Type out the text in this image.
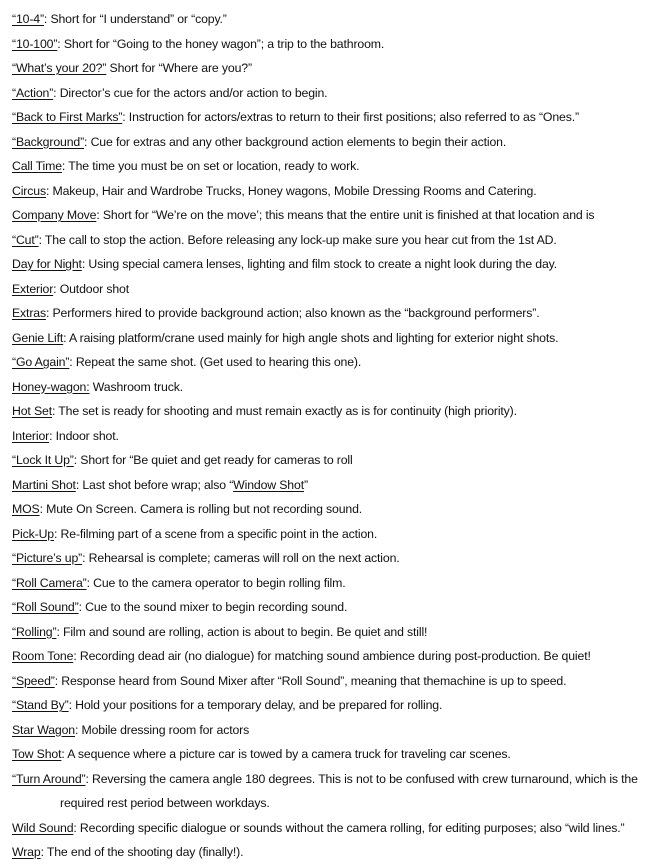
“10-4”: Short for “I understand” or “copy.”
“10-100”: Short for “Going to the honey wagon”; a trip to the bathroom.
“What’s your 20?” Short for “Where are you?”
“Action”: Director’s cue for the actors and/or action to begin.
“Back to First Marks”: Instruction for actors/extras to return to their first positions; also referred to as “Ones.”
“Background”: Cue for extras and any other background action elements to begin their action.
Call Time: The time you must be on set or location, ready to work.
Circus: Makeup, Hair and Wardrobe Trucks, Honey wagons, Mobile Dressing Rooms and Catering.
Company Move: Short for “We’re on the move’; this means that the entire unit is finished at that location and is
“Cut”: The call to stop the action. Before releasing any lock-up make sure you hear cut from the 1st AD.
Day for Night: Using special camera lenses, lighting and film stock to create a night look during the day.
Exterior: Outdoor shot
Extras: Performers hired to provide background action; also known as the “background performers”.
Genie Lift: A raising platform/crane used mainly for high angle shots and lighting for exterior night shots.
“Go Again”: Repeat the same shot. (Get used to hearing this one).
Honey-wagon: Washroom truck.
Hot Set: The set is ready for shooting and must remain exactly as is for continuity (high priority).
Interior: Indoor shot.
“Lock It Up”: Short for “Be quiet and get ready for cameras to roll
Martini Shot: Last shot before wrap; also “Window Shot”
MOS: Mute On Screen. Camera is rolling but not recording sound.
Pick-Up: Re-filming part of a scene from a specific point in the action.
“Picture’s up”: Rehearsal is complete; cameras will roll on the next action.
“Roll Camera”: Cue to the camera operator to begin rolling film.
“Roll Sound”: Cue to the sound mixer to begin recording sound.
“Rolling”: Film and sound are rolling, action is about to begin. Be quiet and still!
Room Tone: Recording dead air (no dialogue) for matching sound ambience during post-production. Be quiet!
“Speed”: Response heard from Sound Mixer after “Roll Sound”, meaning that themachine is up to speed.
“Stand By”: Hold your positions for a temporary delay, and be prepared for rolling.
Star Wagon: Mobile dressing room for actors
Tow Shot: A sequence where a picture car is towed by a camera truck for traveling car scenes.
“Turn Around”: Reversing the camera angle 180 degrees. This is not to be confused with crew turnaround, which is the
required rest period between workdays.
Wild Sound: Recording specific dialogue or sounds without the camera rolling, for editing purposes; also “wild lines.”
Wrap: The end of the shooting day (finally!).
